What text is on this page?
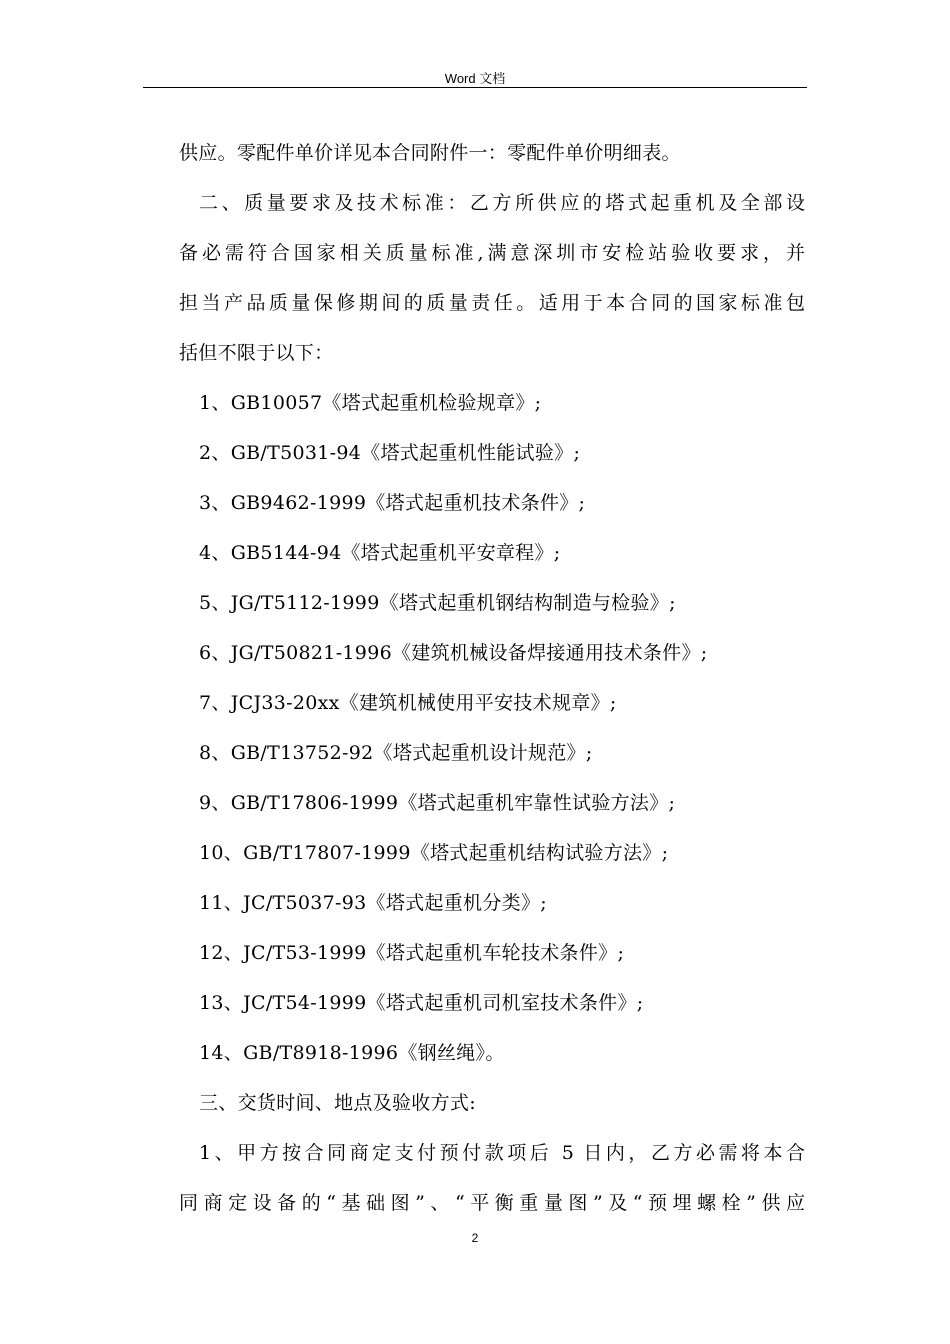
Word 文档
供应。零配件单价详见本合同附件一：零配件单价明细表。
二、质量要求及技术标准：乙方所供应的塔式起重机及全部设
备必需符合国家相关质量标准,满意深圳市安检站验收要求，并
担当产品质量保修期间的质量责任。适用于本合同的国家标准包
括但不限于以下：
1、GB10057《塔式起重机检验规章》;
2、GB/T5031-94《塔式起重机性能试验》;
3、GB9462-1999《塔式起重机技术条件》;
4、GB5144-94《塔式起重机平安章程》;
5、JG/T5112-1999《塔式起重机钢结构制造与检验》;
6、JG/T50821-1996《建筑机械设备焊接通用技术条件》;
7、JCJ33-20xx《建筑机械使用平安技术规章》;
8、GB/T13752-92《塔式起重机设计规范》;
9、GB/T17806-1999《塔式起重机牢靠性试验方法》;
10、GB/T17807-1999《塔式起重机结构试验方法》;
11、JC/T5037-93《塔式起重机分类》;
12、JC/T53-1999《塔式起重机车轮技术条件》;
13、JC/T54-1999《塔式起重机司机室技术条件》;
14、GB/T8918-1996《钢丝绳》。
三、交货时间、地点及验收方式:
1、甲方按合同商定支付预付款项后 5 日内，乙方必需将本合
同商定设备的“基础图”、“平衡重量图”及“预埋螺栓”供应
2
